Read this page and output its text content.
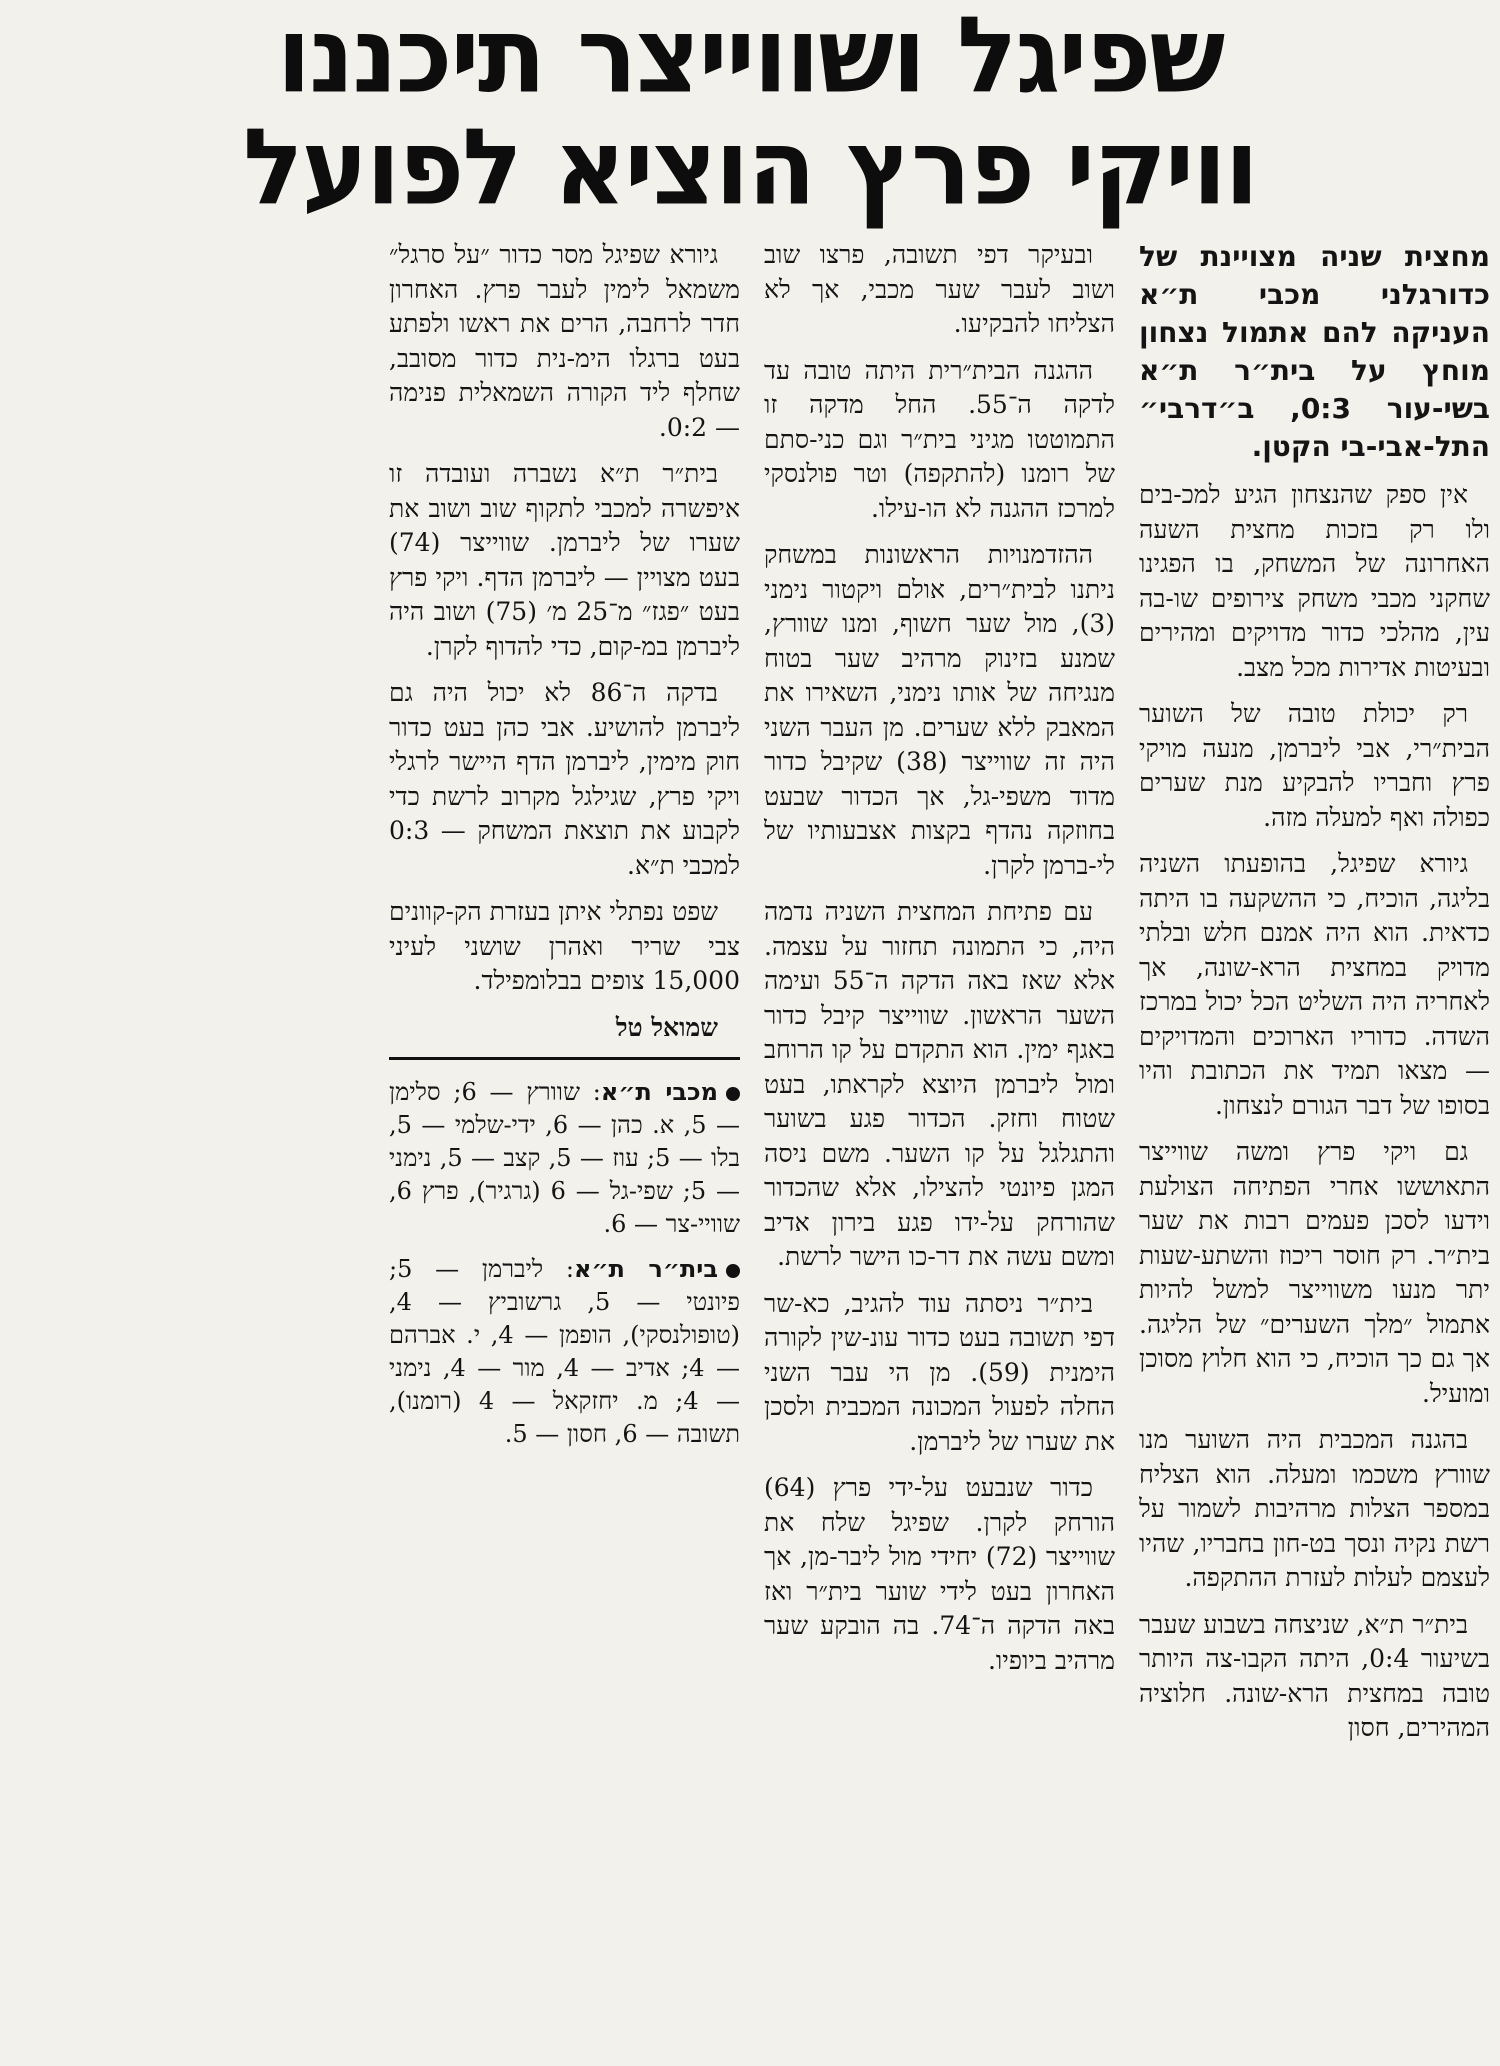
שפיגל ושווייצר תיכננו
וויקי פרץ הוציא לפועל

מחצית שניה מצויינת של כדורגלני מכבי ת״א העניקה להם אתמול נצחון מוחץ על בית״ר ת״א בשי-עור 0:3, ב״דרבי״ התל-אבי-בי הקטן.

אין ספק שהנצחון הגיע למכ-בים ולו רק בזכות מחצית השעה האחרונה של המשחק, בו הפגינו שחקני מכבי משחק צירופים שו-בה עין, מהלכי כדור מדויקים ומהירים ובעיטות אדירות מכל מצב.

רק יכולת טובה של השוער הבית״רי, אבי ליברמן, מנעה מויקי פרץ וחבריו להבקיע מנת שערים כפולה ואף למעלה מזה.

גיורא שפיגל, בהופעתו השניה בליגה, הוכיח, כי ההשקעה בו היתה כדאית. הוא היה אמנם חלש ובלתי מדויק במחצית הרא-שונה, אך לאחריה היה השליט הכל יכול במרכז השדה. כדוריו הארוכים והמדויקים — מצאו תמיד את הכתובת והיו בסופו של דבר הגורם לנצחון.

גם ויקי פרץ ומשה שווייצר התאוששו אחרי הפתיחה הצולעת וידעו לסכן פעמים רבות את שער בית״ר. רק חוסר ריכוז והשתע-שעות יתר מנעו משווייצר למשל להיות אתמול ״מלך השערים״ של הליגה. אך גם כך הוכיח, כי הוא חלוץ מסוכן ומועיל.

בהגנה המכבית היה השוער מנו שוורץ משכמו ומעלה. הוא הצליח במספר הצלות מרהיבות לשמור על רשת נקיה ונסך בט-חון בחבריו, שהיו לעצמם לעלות לעזרת ההתקפה.

בית״ר ת״א, שניצחה בשבוע שעבר בשיעור 0:4, היתה הקבו-צה היותר טובה במחצית הרא-שונה. חלוציה המהירים, חסון

ובעיקר דפי תשובה, פרצו שוב ושוב לעבר שער מכבי, אך לא הצליחו להבקיעו.

ההגנה הבית״רית היתה טובה עד לדקה ה־55. החל מדקה זו התמוטטו מגיני בית״ר וגם כני-סתם של רומנו (להתקפה) וטר פולנסקי למרכז ההגנה לא הו-עילו.

ההזדמנויות הראשונות במשחק ניתנו לבית״רים, אולם ויקטור נימני (3), מול שער חשוף, ומנו שוורץ, שמנע בזינוק מרהיב שער בטוח מנגיחה של אותו נימני, השאירו את המאבק ללא שערים. מן העבר השני היה זה שווייצר (38) שקיבל כדור מדוד משפי-גל, אך הכדור שבעט בחוזקה נהדף בקצות אצבעותיו של לי-ברמן לקרן.

עם פתיחת המחצית השניה נדמה היה, כי התמונה תחזור על עצמה. אלא שאז באה הדקה ה־55 ועימה השער הראשון. שווייצר קיבל כדור באגף ימין. הוא התקדם על קו הרוחב ומול ליברמן היוצא לקראתו, בעט שטוח וחזק. הכדור פגע בשוער והתגלגל על קו השער. משם ניסה המגן פיונטי להצילו, אלא שהכדור שהורחק על-ידו פגע בירון אדיב ומשם עשה את דר-כו הישר לרשת.

בית״ר ניסתה עוד להגיב, כא-שר דפי תשובה בעט כדור עונ-שין לקורה הימנית (59). מן הי עבר השני החלה לפעול המכונה המכבית ולסכן את שערו של ליברמן.

כדור שנבעט על-ידי פרץ (64) הורחק לקרן. שפיגל שלח את שווייצר (72) יחידי מול ליבר-מן, אך האחרון בעט לידי שוער בית״ר ואז באה הדקה ה־74. בה הובקע שער מרהיב ביופיו.

גיורא שפיגל מסר כדור ״על סרגל״ משמאל לימין לעבר פרץ. האחרון חדר לרחבה, הרים את ראשו ולפתע בעט ברגלו הימ-נית כדור מסובב, שחלף ליד הקורה השמאלית פנימה — 0:2.

בית״ר ת״א נשברה ועובדה זו איפשרה למכבי לתקוף שוב ושוב את שערו של ליברמן. שווייצר (74) בעט מצויין — ליברמן הדף. ויקי פרץ בעט ״פגז״ מ־25 מ׳ (75) ושוב היה ליברמן במ-קום, כדי להדוף לקרן.

בדקה ה־86 לא יכול היה גם ליברמן להושיע. אבי כהן בעט כדור חוק מימין, ליברמן הדף היישר לרגלי ויקי פרץ, שגילגל מקרוב לרשת כדי לקבוע את תוצאת המשחק — 0:3 למכבי ת״א.

שפט נפתלי איתן בעזרת הק-קוונים צבי שריר ואהרן שושני לעיני 15,000 צופים בבלומפילד.

שמואל טל

מכבי ת״א: שוורץ — 6; סלימן — 5, א. כהן — 6, ידי-שלמי — 5, בלו — 5; עוז — 5, קצב — 5, נימני — 5; שפי-גל — 6 (גרגיר), פרץ 6, שוויי-צר — 6.

בית״ר ת״א: ליברמן — 5; פיונטי — 5, גרשוביץ — 4, (טופולנסקי), הופמן — 4, י. אברהם — 4; אדיב — 4, מור — 4, נימני — 4; מ. יחזקאל — 4 (רומנו), תשובה — 6, חסון — 5.
